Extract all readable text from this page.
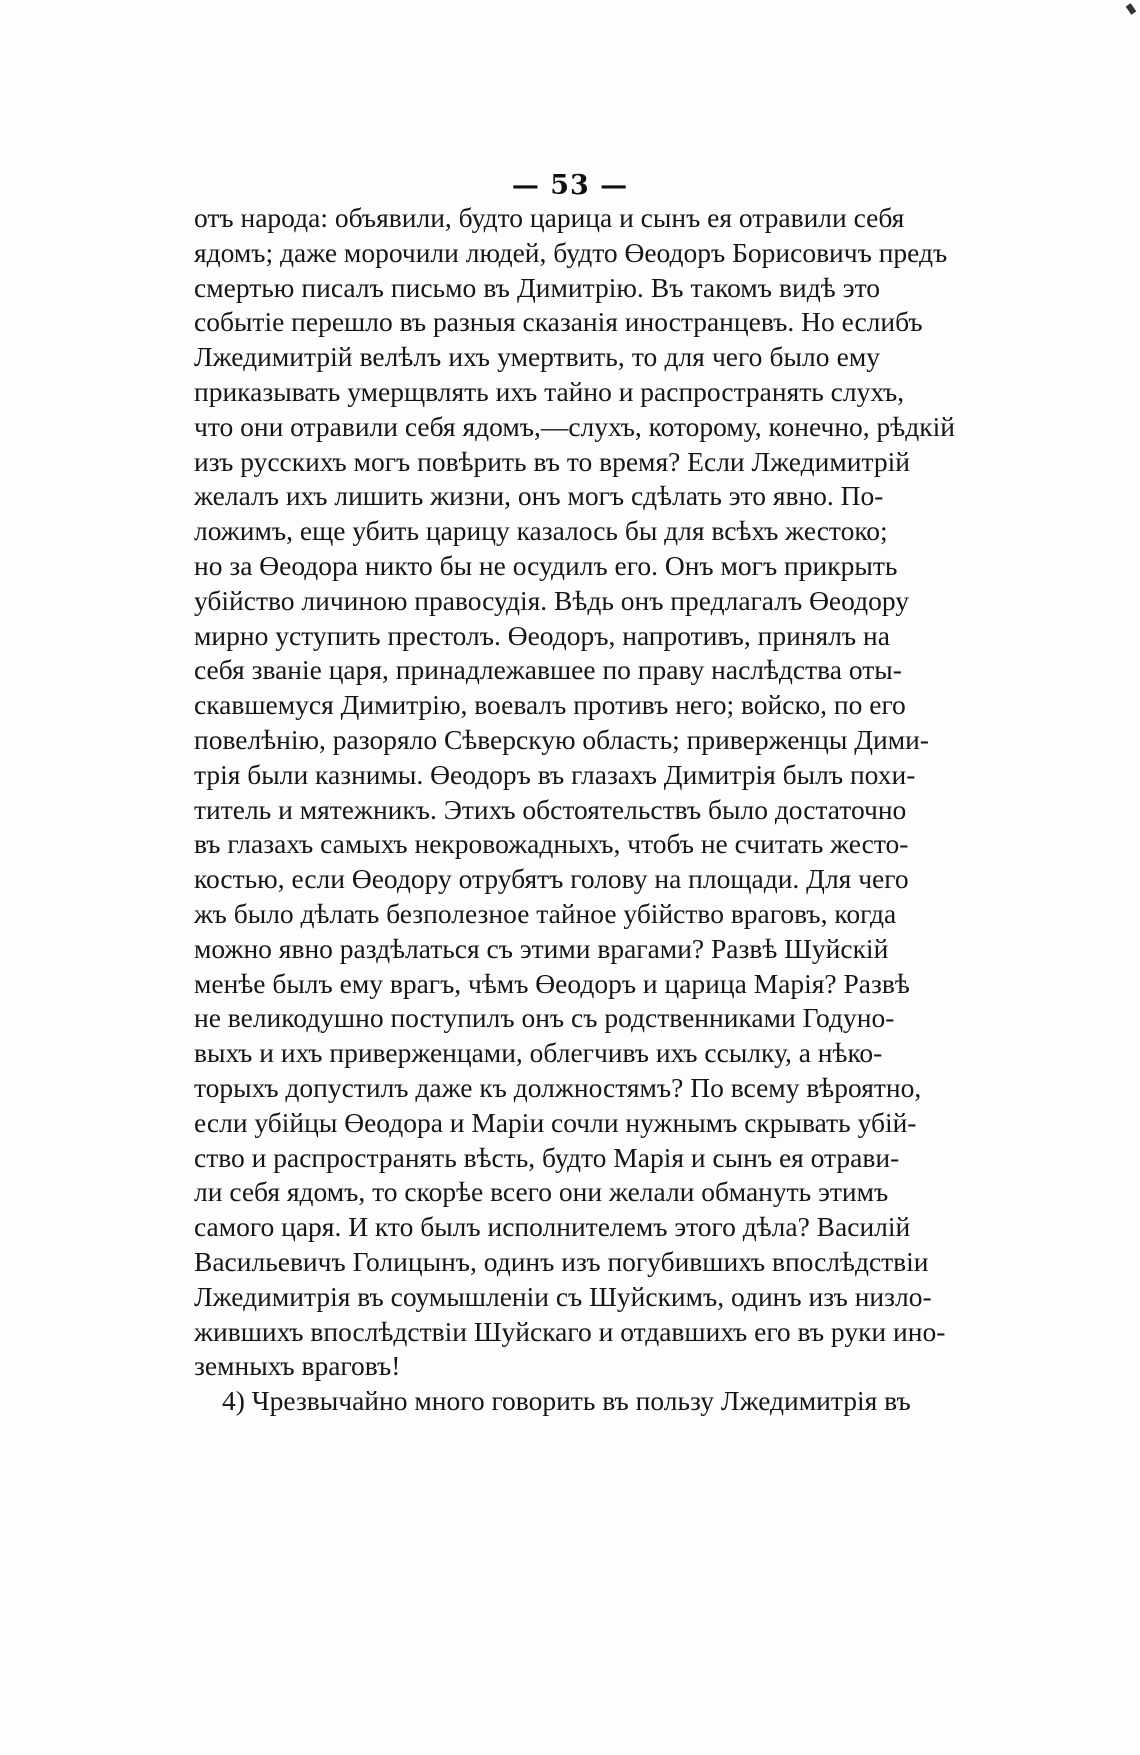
— 53 —
отъ народа: объявили, будто царица и сынъ ея отравили себя
ядомъ; даже морочили людей, будто Өеодоръ Борисовичъ предъ
смертью писалъ письмо въ Димитрію. Въ такомъ видѣ это
событіе перешло въ разныя сказанія иностранцевъ. Но еслибъ
Лжедимитрій велѣлъ ихъ умертвить, то для чего было ему
приказывать умерщвлять ихъ тайно и распространять слухъ,
что они отравили себя ядомъ,—слухъ, которому, конечно, рѣдкій
изъ русскихъ могъ повѣрить въ то время? Если Лжедимитрій
желалъ ихъ лишить жизни, онъ могъ сдѣлать это явно. По-
ложимъ, еще убить царицу казалось бы для всѣхъ жестоко;
но за Өеодора никто бы не осудилъ его. Онъ могъ прикрыть
убійство личиною правосудія. Вѣдь онъ предлагалъ Өеодору
мирно уступить престолъ. Өеодоръ, напротивъ, принялъ на
себя званіе царя, принадлежавшее по праву наслѣдства оты-
скавшемуся Димитрію, воевалъ противъ него; войско, по его
повелѣнію, разоряло Сѣверскую область; приверженцы Дими-
трія были казнимы. Өеодоръ въ глазахъ Димитрія былъ похи-
титель и мятежникъ. Этихъ обстоятельствъ было достаточно
въ глазахъ самыхъ некровожадныхъ, чтобъ не считать жесто-
костью, если Өеодору отрубятъ голову на площади. Для чего
жъ было дѣлать безполезное тайное убійство враговъ, когда
можно явно раздѣлаться съ этими врагами? Развѣ Шуйскій
менѣе былъ ему врагъ, чѣмъ Өеодоръ и царица Марія? Развѣ
не великодушно поступилъ онъ съ родственниками Годуно-
выхъ и ихъ приверженцами, облегчивъ ихъ ссылку, а нѣко-
торыхъ допустилъ даже къ должностямъ? По всему вѣроятно,
если убійцы Өеодора и Маріи сочли нужнымъ скрывать убій-
ство и распространять вѣсть, будто Марія и сынъ ея отрави-
ли себя ядомъ, то скорѣе всего они желали обмануть этимъ
самого царя. И кто былъ исполнителемъ этого дѣла? Василій
Васильевичъ Голицынъ, одинъ изъ погубившихъ впослѣдствіи
Лжедимитрія въ соумышленіи съ Шуйскимъ, одинъ изъ низло-
жившихъ впослѣдствіи Шуйскаго и отдавшихъ его въ руки ино-
земныхъ враговъ!
4) Чрезвычайно много говорить въ пользу Лжедимитрія въ
